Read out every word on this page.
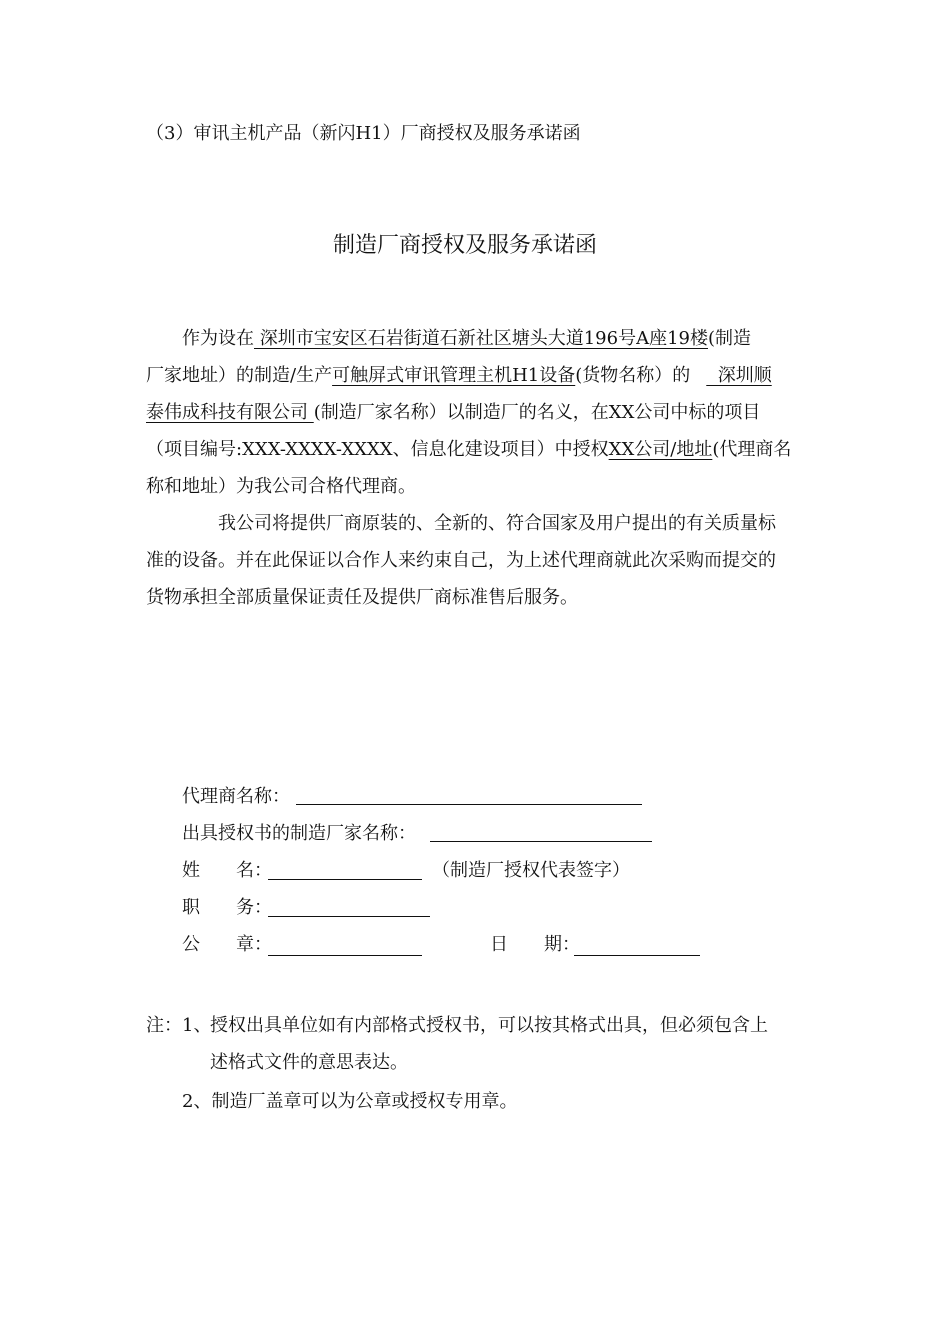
（3）审讯主机产品（新闪H1）厂商授权及服务承诺函
制造厂商授权及服务承诺函
作为设在 深圳市宝安区石岩街道石新社区塘头大道196号A座19楼(制造
厂家地址）的制造/生产可触屏式审讯管理主机H1设备(货物名称）的  深圳顺
泰伟成科技有限公司 (制造厂家名称）以制造厂的名义，在XX公司中标的项目
（项目编号:XXX-XXXX-XXXX、信息化建设项目）中授权XX公司/地址(代理商名
称和地址）为我公司合格代理商。
我公司将提供厂商原装的、全新的、符合国家及用户提出的有关质量标
准的设备。并在此保证以合作人来约束自己，为上述代理商就此次采购而提交的
货物承担全部质量保证责任及提供厂商标准售后服务。
代理商名称：
出具授权书的制造厂家名称：
姓　　名：	（制造厂授权代表签字）
职　　务：
公　　章：	日　　期：
注：1、
授权出具单位如有内部格式授权书，可以按其格式出具，但必须包含上
述格式文件的意思表达。
2、制造厂盖章可以为公章或授权专用章。
